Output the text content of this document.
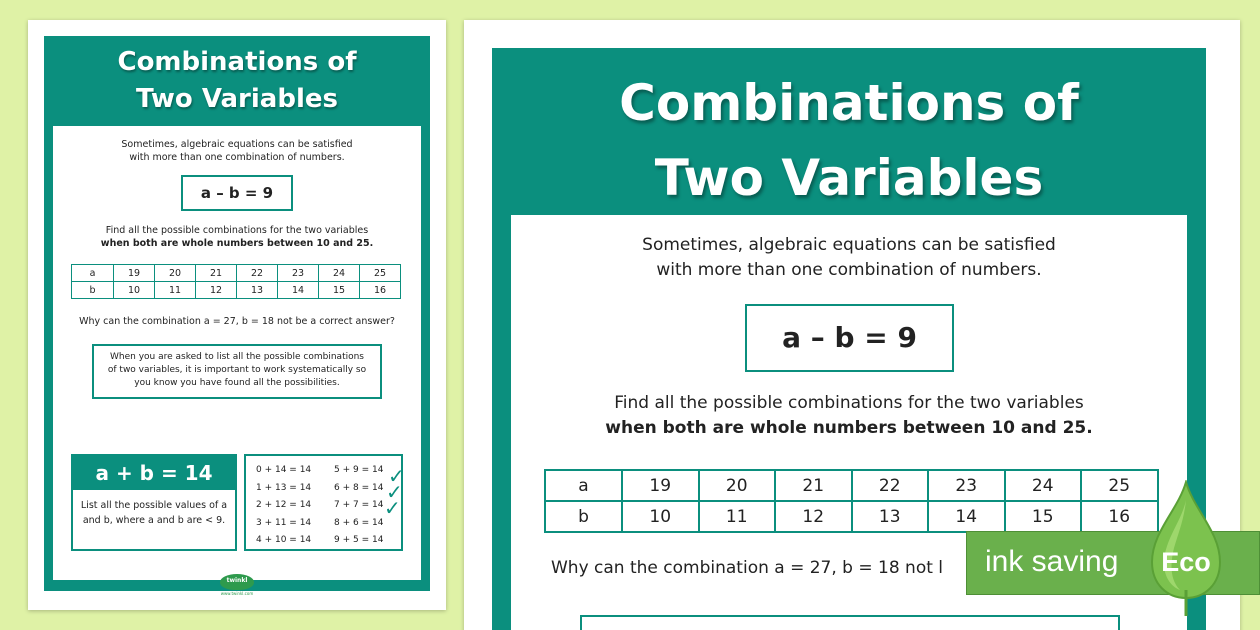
Combinations of
Two Variables
Sometimes, algebraic equations can be satisfied
with more than one combination of numbers.
a – b = 9
Find all the possible combinations for the two variables
when both are whole numbers between 10 and 25.
a	19	20	21	22	23	24	25
b	10	11	12	13	14	15	16
Why can the combination a = 27, b = 18 not be a correct answer?
When you are asked to list all the possible combinations
of two variables, it is important to work systematically so
you know you have found all the possibilities.
a + b = 14
List all the possible values of a
and b, where a and b are < 9.
0 + 14 = 14
1 + 13 = 14
2 + 12 = 14
3 + 11 = 14
4 + 10 = 14
5 + 9 = 14
6 + 8 = 14
7 + 7 = 14
8 + 6 = 14
9 + 5 = 14
✓
✓
✓
twinkl
www.twinkl.com
Combinations of
Two Variables
Sometimes, algebraic equations can be satisfied
with more than one combination of numbers.
a – b = 9
Find all the possible combinations for the two variables
when both are whole numbers between 10 and 25.
a	19	20	21	22	23	24	25
b	10	11	12	13	14	15	16
Why can the combination a = 27, b = 18 not l ink saving	Eco
